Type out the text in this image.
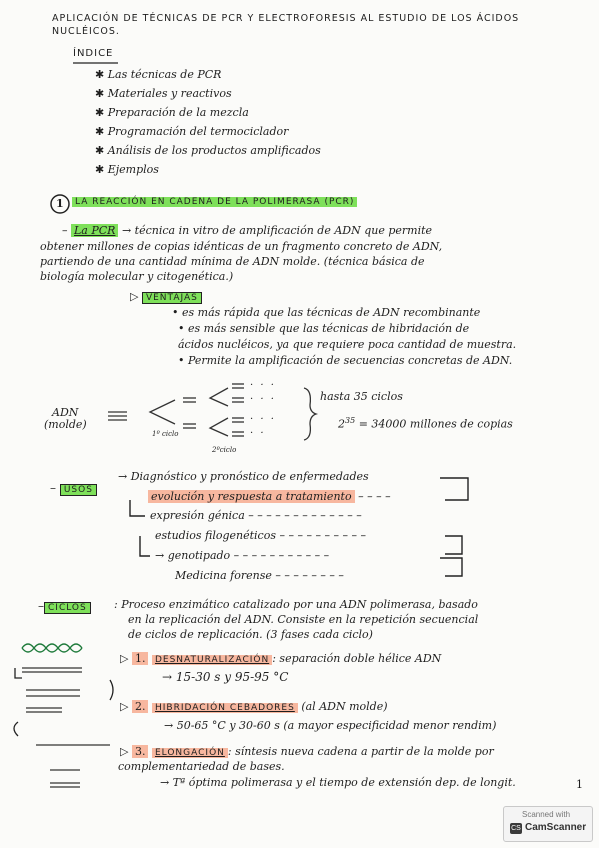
APLICACIÓN DE TÉCNICAS DE PCR Y ELECTROFORESIS AL ESTUDIO DE LOS ÁCIDOS
NUCLÉICOS.
ÍNDICE
✱ Las técnicas de PCR
✱ Materiales y reactivos
✱ Preparación de la mezcla
✱ Programación del termociclador
✱ Análisis de los productos amplificados
✱ Ejemplos
1	LA REACCIÓN EN CADENA DE LA POLIMERASA (PCR)
– La PCR → técnica in vitro de amplificación de ADN que permite
obtener millones de copias idénticas de un fragmento concreto de ADN,
partiendo de una cantidad mínima de ADN molde. (técnica básica de
biología molecular y citogenética.)
▷ VENTAJAS
• es más rápida que las técnicas de ADN recombinante
• es más sensible que las técnicas de hibridación de
ácidos nucléicos, ya que requiere poca cantidad de muestra.
• Permite la amplificación de secuencias concretas de ADN.
ADN
(molde)
1º ciclo
2ºciclo
· · ·
· · ·
· · ·
· ·
hasta 35 ciclos
$2^{35} = 34000$ millones de copias
– USOS
→ Diagnóstico y pronóstico de enfermedades
evolución y respuesta a tratamiento – – – –
expresión génica – – – – – – – – – – – – –
estudios filogenéticos – – – – – – – – – –
→ genotipado – – – – – – – – – – –
Medicina forense – – – – – – – –
– CICLOS	: Proceso enzimático catalizado por una ADN polimerasa, basado
en la replicación del ADN. Consiste en la repetición secuencial
de ciclos de replicación. (3 fases cada ciclo)
▷ 1. DESNATURALIZACIÓN : separación doble hélice ADN
→ 15-30 s y 95-95 °C
▷ 2. HIBRIDACIÓN CEBADORES (al ADN molde)
→ 50-65 °C y 30-60 s (a mayor especificidad menor rendim)
▷ 3. ELONGACIÓN : síntesis nueva cadena a partir de la molde por
complementariedad de bases.
→ Tª óptima polimerasa y el tiempo de extensión dep. de longit.	1
Scanned with
CS CamScanner
